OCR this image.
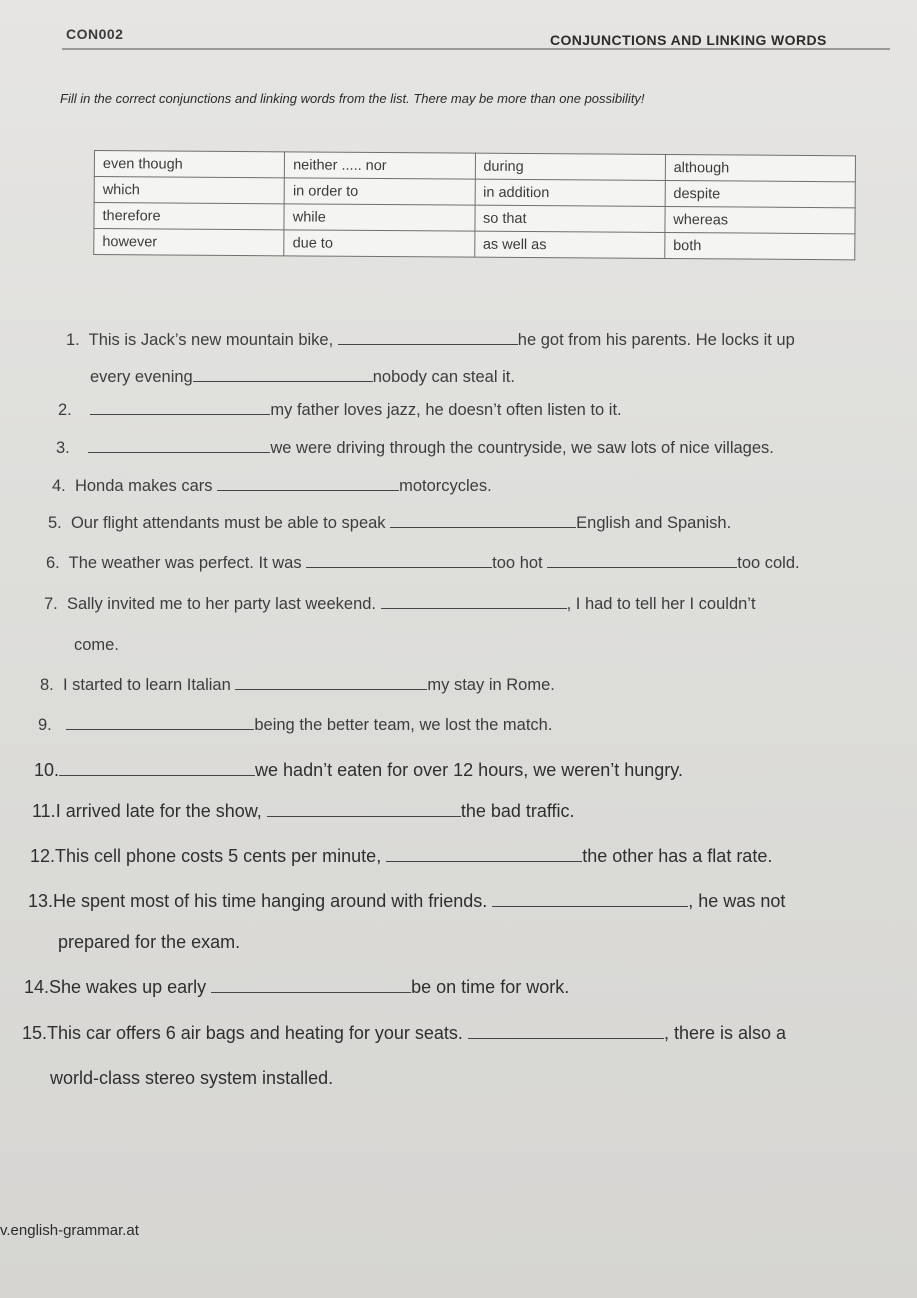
CON002	CONJUNCTIONS AND LINKING WORDS
Fill in the correct conjunctions and linking words from the list. There may be more than one possibility!
even though	neither ..... nor	during	although
which	in order to	in addition	despite
therefore	while	so that	whereas
however	due to	as well as	both
1. This is Jack’s new mountain bike,	he got from his parents. He locks it up
every evening	nobody can steal it.
2.	my father loves jazz, he doesn’t often listen to it.
3.	we were driving through the countryside, we saw lots of nice villages.
4. Honda makes cars	motorcycles.
5. Our flight attendants must be able to speak	English and Spanish.
6. The weather was perfect. It was	too hot	too cold.
7. Sally invited me to her party last weekend.	, I had to tell her I couldn’t
come.
8. I started to learn Italian	my stay in Rome.
9.	being the better team, we lost the match.
10.	we hadn’t eaten for over 12 hours, we weren’t hungry.
11.I arrived late for the show,	the bad traffic.
12.This cell phone costs 5 cents per minute,	the other has a flat rate.
13.He spent most of his time hanging around with friends.	, he was not
prepared for the exam.
14.She wakes up early	be on time for work.
15.This car offers 6 air bags and heating for your seats.	, there is also a
world-class stereo system installed.
v.english-grammar.at
